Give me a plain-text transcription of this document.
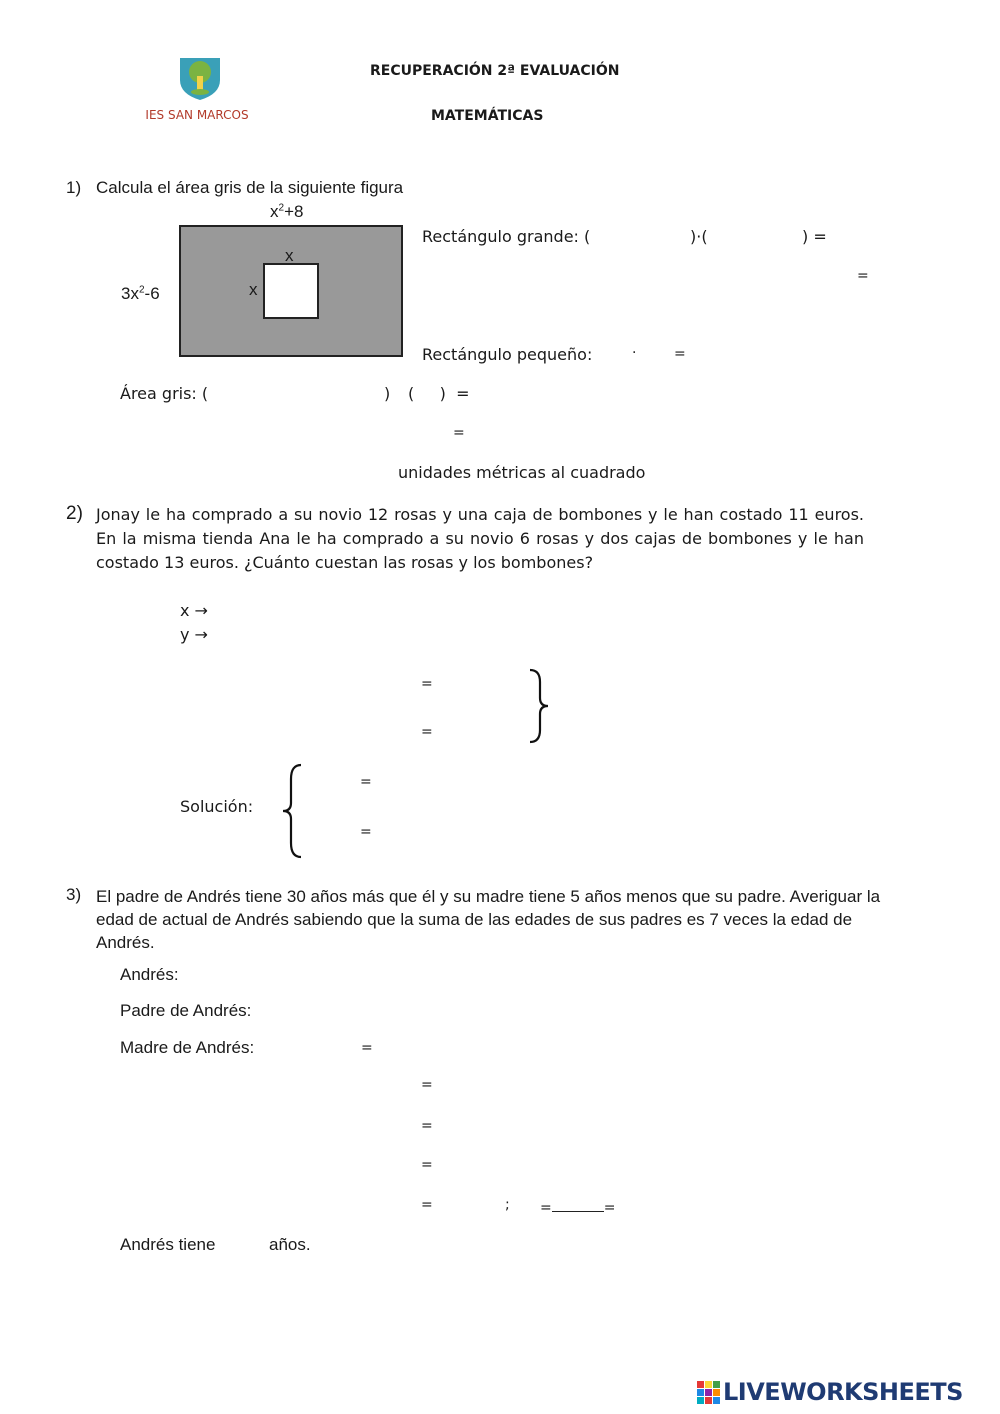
IES SAN MARCOS
RECUPERACIÓN 2ª EVALUACIÓN
MATEMÁTICAS
1) Calcula el área gris de la siguiente figura
$x^2+8$
$3x^2-6$
x
x
Rectángulo grande: (	)·(	) =
=
Rectángulo pequeño:	·	=
Área gris: (	) (     )  =
=
unidades métricas al cuadrado
2) Jonay le ha comprado a su novio 12 rosas y una caja de bombones y le han costado 11 euros. En la misma tienda Ana le ha comprado a su novio 6 rosas y dos cajas de bombones y le han costado 13 euros. ¿Cuánto cuestan las rosas y los bombones?
x →
y →
=
=
Solución:
=
=
3) El padre de Andrés tiene 30 años más que él y su madre tiene 5 años menos que su padre. Averiguar la edad de actual de Andrés sabiendo que la suma de las edades de sus padres es 7 veces la edad de Andrés.
Andrés:
Padre de Andrés:
Madre de Andrés:	=
=
=
=
=	; =	=
Andrés tiene	años.
LIVEWORKSHEETS
